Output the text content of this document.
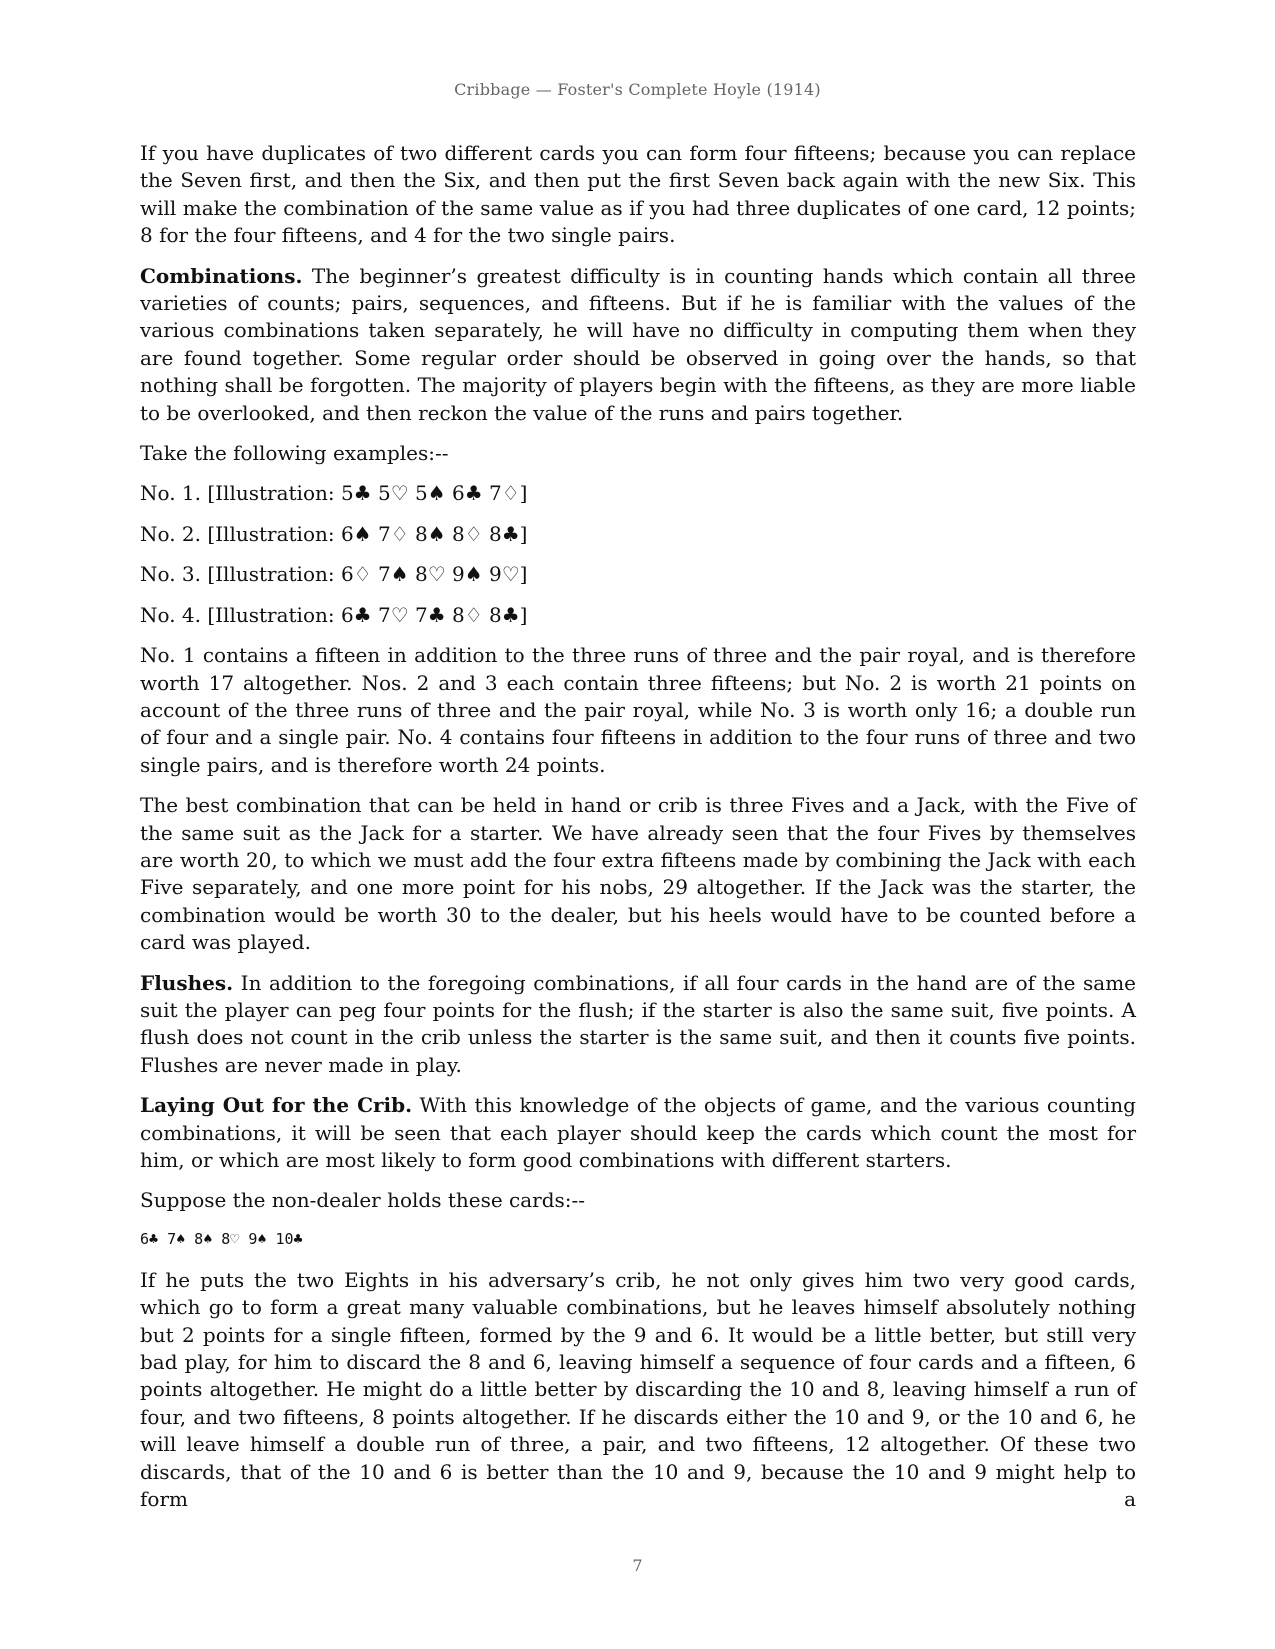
Cribbage — Foster's Complete Hoyle (1914)

If you have duplicates of two different cards you can form four fifteens; because you can replace the Seven first, and then the Six, and then put the first Seven back again with the new Six. This will make the combination of the same value as if you had three duplicates of one card, 12 points; 8 for the four fifteens, and 4 for the two single pairs.

Combinations. The beginner’s greatest difficulty is in counting hands which contain all three varieties of counts; pairs, sequences, and fifteens. But if he is familiar with the values of the various combinations taken separately, he will have no difficulty in computing them when they are found together. Some regular order should be observed in going over the hands, so that nothing shall be forgotten. The majority of players begin with the fifteens, as they are more liable to be overlooked, and then reckon the value of the runs and pairs together.

Take the following examples:--

No. 1. [Illustration: 5♣ 5♡ 5♠ 6♣ 7♢]

No. 2. [Illustration: 6♠ 7♢ 8♠ 8♢ 8♣]

No. 3. [Illustration: 6♢ 7♠ 8♡ 9♠ 9♡]

No. 4. [Illustration: 6♣ 7♡ 7♣ 8♢ 8♣]

No. 1 contains a fifteen in addition to the three runs of three and the pair royal, and is therefore worth 17 altogether. Nos. 2 and 3 each contain three fifteens; but No. 2 is worth 21 points on account of the three runs of three and the pair royal, while No. 3 is worth only 16; a double run of four and a single pair. No. 4 contains four fifteens in addition to the four runs of three and two single pairs, and is therefore worth 24 points.

The best combination that can be held in hand or crib is three Fives and a Jack, with the Five of the same suit as the Jack for a starter. We have already seen that the four Fives by themselves are worth 20, to which we must add the four extra fifteens made by combining the Jack with each Five separately, and one more point for his nobs, 29 altogether. If the Jack was the starter, the combination would be worth 30 to the dealer, but his heels would have to be counted before a card was played.

Flushes. In addition to the foregoing combinations, if all four cards in the hand are of the same suit the player can peg four points for the flush; if the starter is also the same suit, five points. A flush does not count in the crib unless the starter is the same suit, and then it counts five points. Flushes are never made in play.

Laying Out for the Crib. With this knowledge of the objects of game, and the various counting combinations, it will be seen that each player should keep the cards which count the most for him, or which are most likely to form good combinations with different starters.

Suppose the non-dealer holds these cards:--

6♣ 7♠ 8♠ 8♡ 9♠ 10♣

If he puts the two Eights in his adversary’s crib, he not only gives him two very good cards, which go to form a great many valuable combinations, but he leaves himself absolutely nothing but 2 points for a single fifteen, formed by the 9 and 6. It would be a little better, but still very bad play, for him to discard the 8 and 6, leaving himself a sequence of four cards and a fifteen, 6 points altogether. He might do a little better by discarding the 10 and 8, leaving himself a run of four, and two fifteens, 8 points altogether. If he discards either the 10 and 9, or the 10 and 6, he will leave himself a double run of three, a pair, and two fifteens, 12 altogether. Of these two discards, that of the 10 and 6 is better than the 10 and 9, because the 10 and 9 might help to form a

7
